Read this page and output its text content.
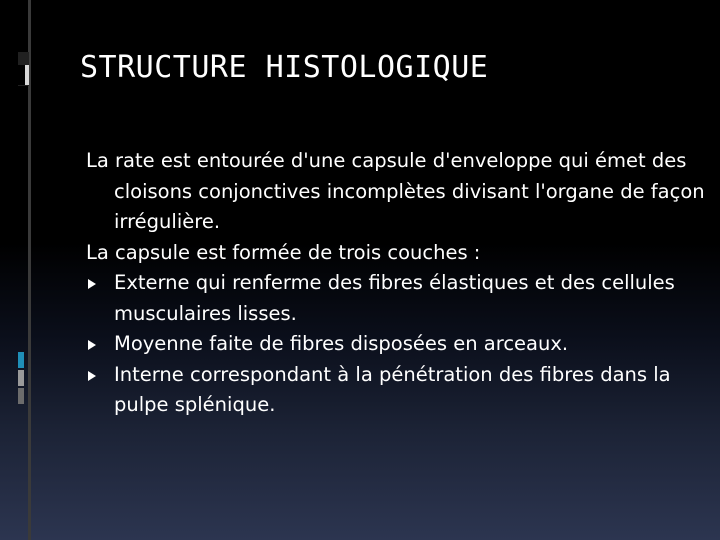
STRUCTURE HISTOLOGIQUE

La rate est entourée d'une capsule d'enveloppe qui émet des cloisons conjonctives incomplètes divisant l'organe de façon irrégulière.

La capsule est formée de trois couches :

Externe qui renferme des fibres élastiques et des cellules musculaires lisses.
Moyenne faite de fibres disposées en arceaux.
Interne correspondant à la pénétration des fibres dans la pulpe splénique.
